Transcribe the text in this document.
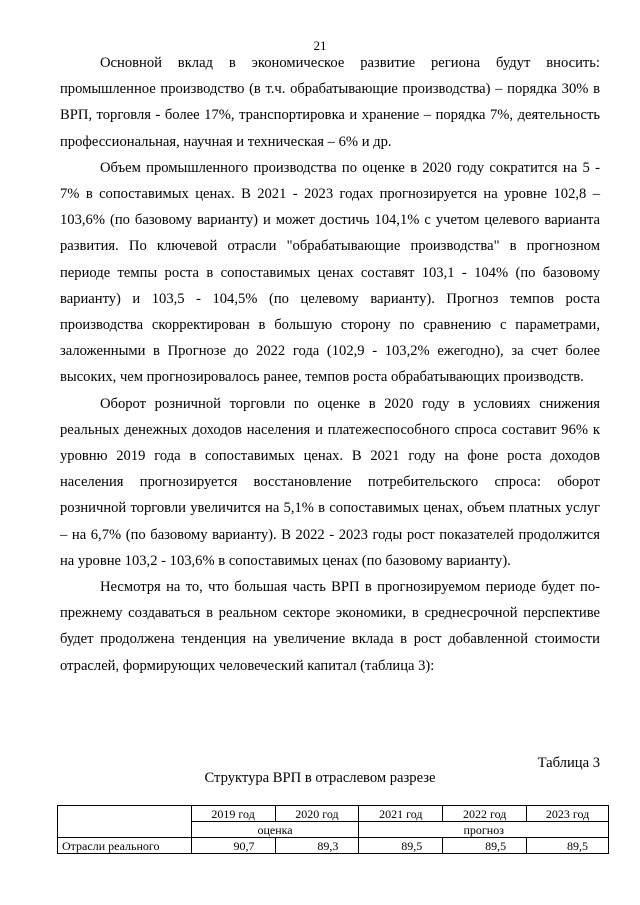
21

Основной вклад в экономическое развитие региона будут вносить: промышленное производство (в т.ч. обрабатывающие производства) – порядка 30% в ВРП, торговля - более 17%, транспортировка и хранение – порядка 7%, деятельность профессиональная, научная и техническая – 6% и др.

Объем промышленного производства по оценке в 2020 году сократится на 5 - 7% в сопоставимых ценах. В 2021 - 2023 годах прогнозируется на уровне 102,8 – 103,6% (по базовому варианту) и может достичь 104,1% с учетом целевого варианта развития. По ключевой отрасли "обрабатывающие производства" в прогнозном периоде темпы роста в сопоставимых ценах составят 103,1 - 104% (по базовому варианту) и 103,5 - 104,5% (по целевому варианту). Прогноз темпов роста производства скорректирован в большую сторону по сравнению с параметрами, заложенными в Прогнозе до 2022 года (102,9 - 103,2% ежегодно), за счет более высоких, чем прогнозировалось ранее, темпов роста обрабатывающих производств.

Оборот розничной торговли по оценке в 2020 году в условиях снижения реальных денежных доходов населения и платежеспособного спроса составит 96% к уровню 2019 года в сопоставимых ценах. В 2021 году на фоне роста доходов населения прогнозируется восстановление потребительского спроса: оборот розничной торговли увеличится на 5,1% в сопоставимых ценах, объем платных услуг – на 6,7% (по базовому варианту). В 2022 - 2023 годы рост показателей продолжится на уровне 103,2 - 103,6% в сопоставимых ценах (по базовому варианту).

Несмотря на то, что большая часть ВРП в прогнозируемом периоде будет по-прежнему создаваться в реальном секторе экономики, в среднесрочной перспективе будет продолжена тенденция на увеличение вклада в рост добавленной стоимости отраслей, формирующих человеческий капитал (таблица 3):

Таблица 3
Структура ВРП в отраслевом разрезе
	2019 год	2020 год	2021 год	2022 год	2023 год
	оценка		прогноз		
Отрасли реального	90,7	89,3	89,5	89,5	89,5
